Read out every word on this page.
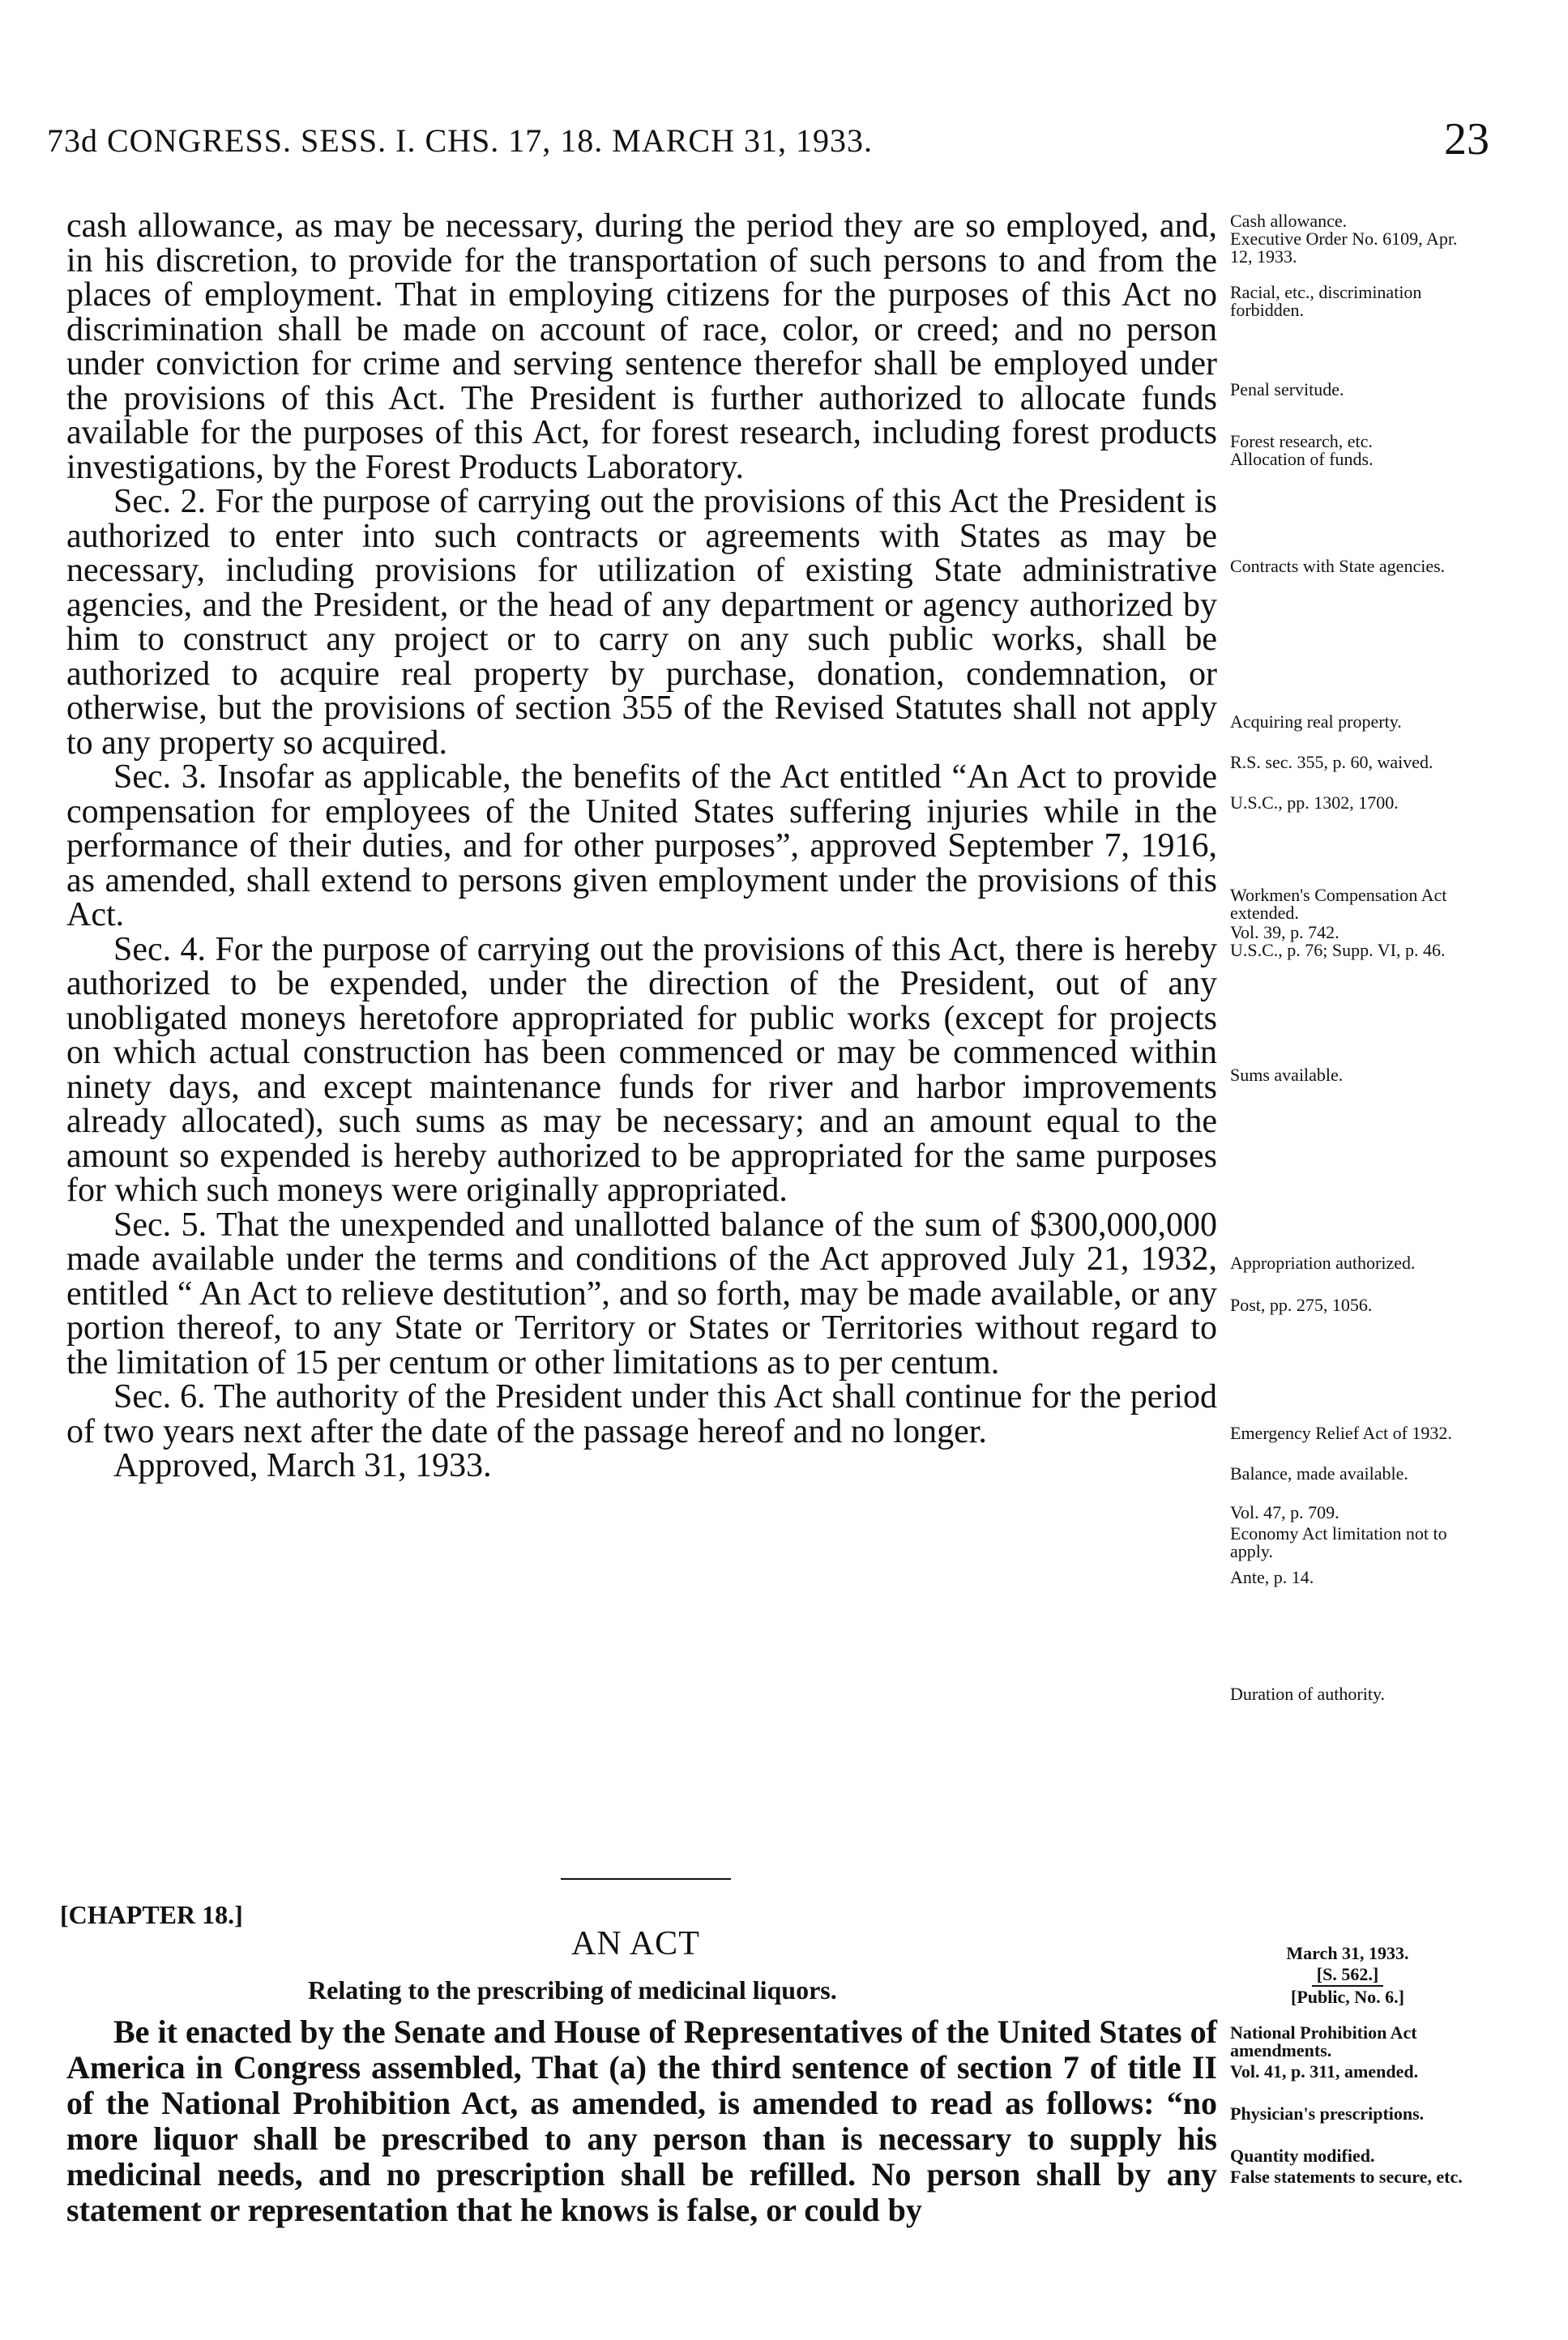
73d CONGRESS. SESS. I. CHS. 17, 18. MARCH 31, 1933.	23

cash allowance, as may be necessary, during the period they are so employed, and, in his discretion, to provide for the transportation of such persons to and from the places of employment. That in employing citizens for the purposes of this Act no discrimination shall be made on account of race, color, or creed; and no person under conviction for crime and serving sentence therefor shall be employed under the provisions of this Act. The President is further authorized to allocate funds available for the purposes of this Act, for forest research, including forest products investigations, by the Forest Products Laboratory.

Sec. 2. For the purpose of carrying out the provisions of this Act the President is authorized to enter into such contracts or agreements with States as may be necessary, including provisions for utilization of existing State administrative agencies, and the President, or the head of any department or agency authorized by him to construct any project or to carry on any such public works, shall be authorized to acquire real property by purchase, donation, condemnation, or otherwise, but the provisions of section 355 of the Revised Statutes shall not apply to any property so acquired.

Sec. 3. Insofar as applicable, the benefits of the Act entitled “An Act to provide compensation for employees of the United States suffering injuries while in the performance of their duties, and for other purposes”, approved September 7, 1916, as amended, shall extend to persons given employment under the provisions of this Act.

Sec. 4. For the purpose of carrying out the provisions of this Act, there is hereby authorized to be expended, under the direction of the President, out of any unobligated moneys heretofore appropriated for public works (except for projects on which actual construction has been commenced or may be commenced within ninety days, and except maintenance funds for river and harbor improvements already allocated), such sums as may be necessary; and an amount equal to the amount so expended is hereby authorized to be appropriated for the same purposes for which such moneys were originally appropriated.

Sec. 5. That the unexpended and unallotted balance of the sum of $300,000,000 made available under the terms and conditions of the Act approved July 21, 1932, entitled “ An Act to relieve destitution”, and so forth, may be made available, or any portion thereof, to any State or Territory or States or Territories without regard to the limitation of 15 per centum or other limitations as to per centum.

Sec. 6. The authority of the President under this Act shall continue for the period of two years next after the date of the passage hereof and no longer.

Approved, March 31, 1933.

Cash allowance.
Executive Order No. 6109, Apr. 12, 1933.
Racial, etc., discrimination forbidden.
Penal servitude.
Forest research, etc.
Allocation of funds.
Contracts with State agencies.
Acquiring real property.
R.S. sec. 355, p. 60, waived.
U.S.C., pp. 1302, 1700.
Workmen's Compensation Act extended.
Vol. 39, p. 742.
U.S.C., p. 76; Supp. VI, p. 46.
Sums available.
Appropriation authorized.
Post, pp. 275, 1056.
Emergency Relief Act of 1932.
Balance, made available.
Vol. 47, p. 709.
Economy Act limitation not to apply.
Ante, p. 14.
Duration of authority.
[CHAPTER 18.]
AN ACT
Relating to the prescribing of medicinal liquors.
March 31, 1933.
[S. 562.]
[Public, No. 6.]

Be it enacted by the Senate and House of Representatives of the United States of America in Congress assembled, That (a) the third sentence of section 7 of title II of the National Prohibition Act, as amended, is amended to read as follows: “no more liquor shall be prescribed to any person than is necessary to supply his medicinal needs, and no prescription shall be refilled. No person shall by any statement or representation that he knows is false, or could by

National Prohibition Act amendments.
Vol. 41, p. 311, amended.
Physician's prescriptions.
Quantity modified.
False statements to secure, etc.
